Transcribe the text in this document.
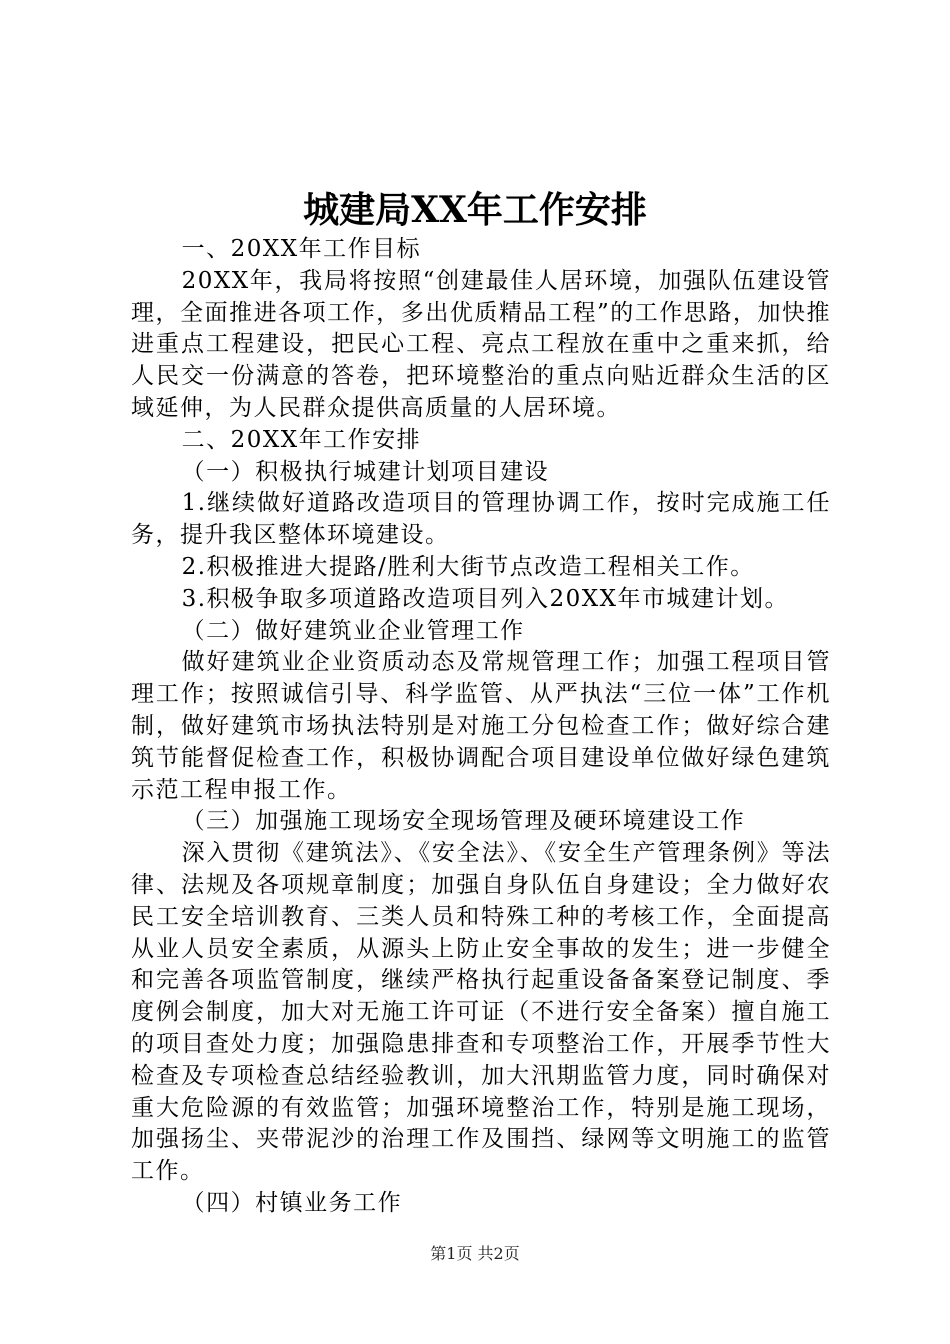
城建局XX年工作安排

一、20XX年工作目标

20XX年，我局将按照“创建最佳人居环境，加强队伍建设管理，全面推进各项工作，多出优质精品工程”的工作思路，加快推进重点工程建设，把民心工程、亮点工程放在重中之重来抓，给人民交一份满意的答卷，把环境整治的重点向贴近群众生活的区域延伸，为人民群众提供高质量的人居环境。

二、20XX年工作安排

（一）积极执行城建计划项目建设

1.继续做好道路改造项目的管理协调工作，按时完成施工任务，提升我区整体环境建设。

2.积极推进大提路/胜利大街节点改造工程相关工作。

3.积极争取多项道路改造项目列入20XX年市城建计划。

（二）做好建筑业企业管理工作

做好建筑业企业资质动态及常规管理工作；加强工程项目管理工作；按照诚信引导、科学监管、从严执法“三位一体”工作机制，做好建筑市场执法特别是对施工分包检查工作；做好综合建筑节能督促检查工作，积极协调配合项目建设单位做好绿色建筑示范工程申报工作。

（三）加强施工现场安全现场管理及硬环境建设工作

深入贯彻《建筑法》、《安全法》、《安全生产管理条例》等法律、法规及各项规章制度；加强自身队伍自身建设；全力做好农民工安全培训教育、三类人员和特殊工种的考核工作，全面提高从业人员安全素质，从源头上防止安全事故的发生；进一步健全和完善各项监管制度，继续严格执行起重设备备案登记制度、季度例会制度，加大对无施工许可证（不进行安全备案）擅自施工的项目查处力度；加强隐患排查和专项整治工作，开展季节性大检查及专项检查总结经验教训，加大汛期监管力度，同时确保对重大危险源的有效监管；加强环境整治工作，特别是施工现场，加强扬尘、夹带泥沙的治理工作及围挡、绿网等文明施工的监管工作。

（四）村镇业务工作

第1页 共2页
